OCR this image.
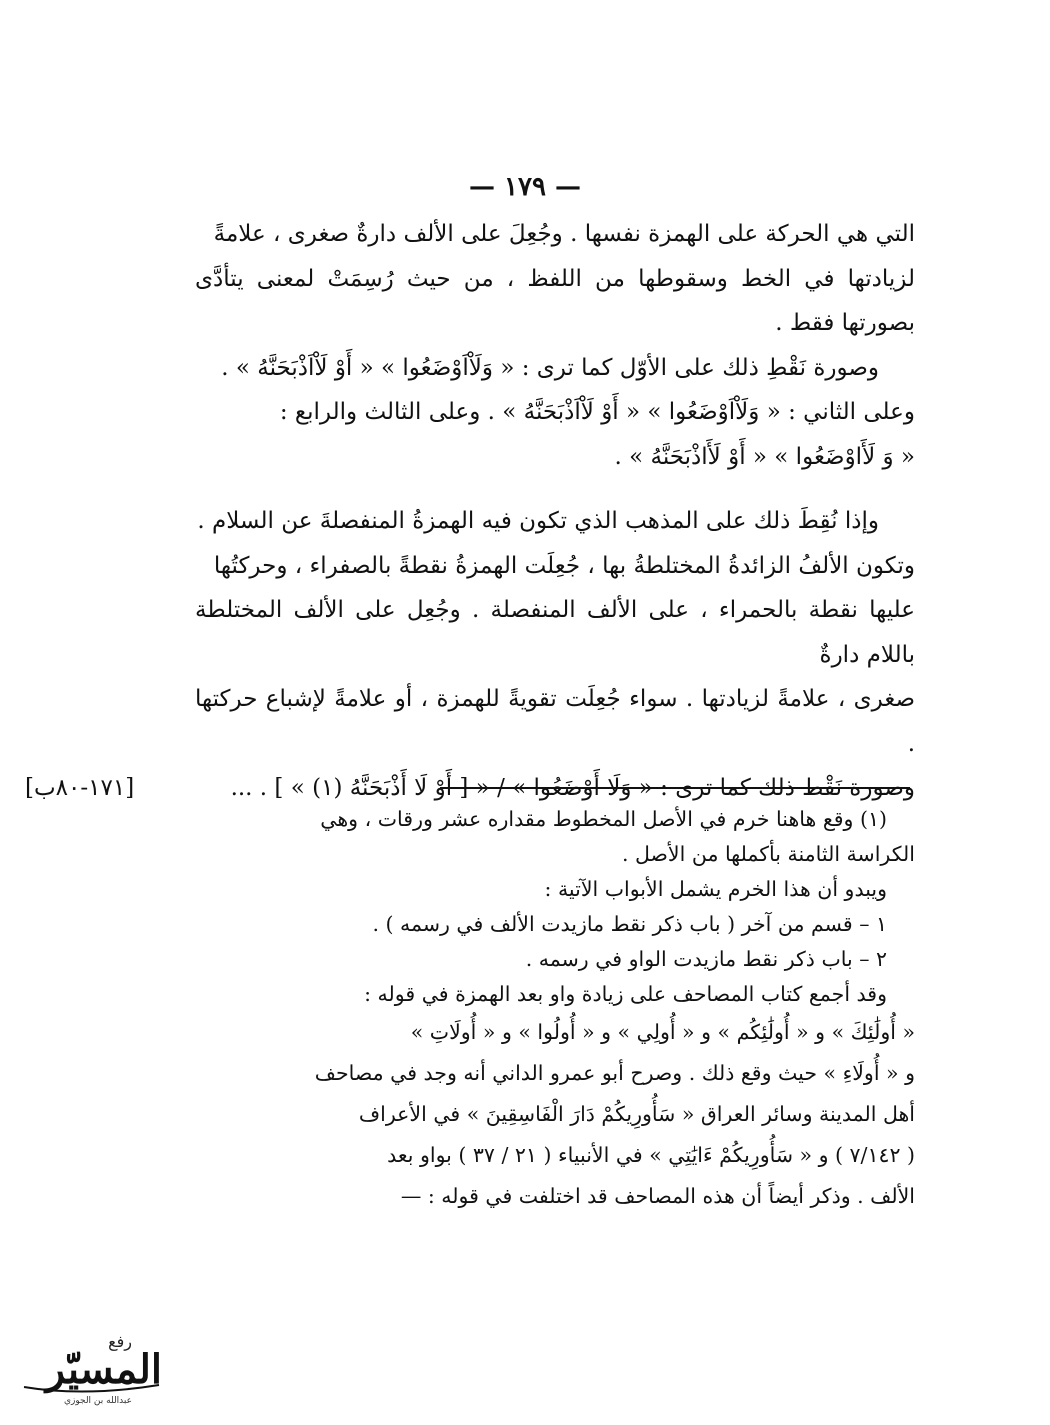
— ١٧٩ —

التي هي الحركة على الهمزة نفسها . وجُعِلَ على الألف دارةٌ صغرى ، علامةً

لزيادتها في الخط وسقوطها من اللفظ ، من حيث رُسِمَتْ لمعنى يتأدَّى بصورتها فقط .

وصورة نَقْطِ ذلك على الأوّل كما ترى : « وَلَاْاَوْضَعُوا » « أَوْ لَاْاَذْبَحَنَّهُ » .

وعلى الثاني : « وَلَاْاَوْضَعُوا » « أَوْ لَاْاَذْبَحَنَّهُ » . وعلى الثالث والرابع :

« وَ لَأَاوْضَعُوا » « أَوْ لَأَاذْبَحَنَّهُ » .

وإذا نُقِطَ ذلك على المذهب الذي تكون فيه الهمزةُ المنفصلةَ عن السلام .

وتكون الألفُ الزائدةُ المختلطةُ بها ، جُعِلَت الهمزةُ نقطةً بالصفراء ، وحركتُها

عليها نقطة بالحمراء ، على الألف المنفصلة . وجُعِل على الألف المختلطة باللام دارةٌ

صغرى ، علامةً لزيادتها . سواء جُعِلَت تقويةً للهمزة ، أو علامةً لإشباع حركتها .

وصورة نَقْط ذلك كما ترى : « وَلَا أَوْضَعُوا » / « [ أَوْ لَا أَذْبَحَنَّهُ (١) » ] . ...
[١٧١-٨٠ب]

(١) وقع هاهنا خرم في الأصل المخطوط مقداره عشر ورقات ، وهي

الكراسة الثامنة بأكملها من الأصل .

ويبدو أن هذا الخرم يشمل الأبواب الآتية :

١ – قسم من آخر ( باب ذكر نقط مازيدت الألف في رسمه ) .

٢ – باب ذكر نقط مازيدت الواو في رسمه .

وقد أجمع كتاب المصاحف على زيادة واو بعد الهمزة في قوله :

« أُولَٰئِكَ » و « أُولَٰئِكُم » و « أُولِي » و « أُولُوا » و « أُولَاتِ »

و « أُولَاءِ » حيث وقع ذلك . وصرح أبو عمرو الداني أنه وجد في مصاحف

أهل المدينة وسائر العراق « سَأُورِيكُمْ دَارَ الْفَاسِقِينَ » في الأعراف

( ٧/١٤٢ ) و « سَأُورِيكُمْ ءَايَٰتِي » في الأنبياء ( ٢١ / ٣٧ ) بواو بعد

الألف . وذكر أيضاً أن هذه المصاحف قد اختلفت في قوله : —

رفع
المسيّر
عبدالله بن الجوزي
